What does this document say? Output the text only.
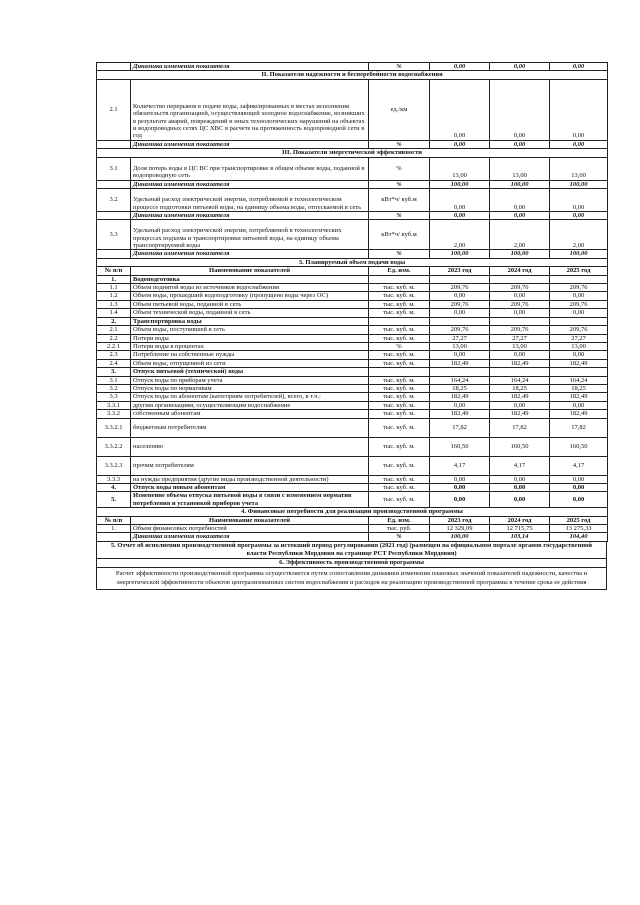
	Динамика изменения показателя	%	0,00	0,00	0,00
II. Показатели надежности и бесперебойности водоснабжения					
2.1	Количество перерывов в подаче воды, зафиксированных в местах исполнения обязательств организацией, осуществляющей холодное водоснабжение, возникших в результате аварий, повреждений и иных технологических нарушений на объектах и водопроводных сетях ЦС ХВС в расчете на протяженность водопроводной сети в год	ед./км	0,00	0,00	0,00
	Динамика изменения показателя	%	0,00	0,00	0,00
III. Показатели энергетической эффективности					
3.1	Доля потерь воды в ЦС ВС при транспортировке в общем объеме воды, поданной в водопроводную сеть	%	13,00	13,00	13,00
	Динамика изменения показателя	%	100,00	100,00	100,00
3.2	Удельный расход электрической энергии, потребляемой в технологическом процессе подготовки питьевой воды, на единицу объема воды, отпускаемой в сеть	кВт*ч/ куб.м	0,00	0,00	0,00
	Динамика изменения показателя	%	0,00	0,00	0,00
3.3	Удельный расход электрической энергии, потребляемой в технологических процессах подъема и транспортировки питьевой воды, на единицу объема транспортируемой воды	кВт*ч/ куб.м	2,00	2,00	2,00
	Динамика изменения показателя	%	100,00	100,00	100,00
3. Планируемый объем подачи воды					
№ п/п	Наименование показателей	Ед. изм.	2023 год	2024 год	2025 год
1.	Водоподготовка				
1.1	Объем поднятой воды из источников водоснабжения	тыс. куб. м.	209,76	209,76	209,76
1.2	Объем воды, прошедший водоподготовку (пропущено воды через ОС)	тыс. куб. м.	0,00	0,00	0,00
1.3	Объем питьевой воды, поданной в сеть	тыс. куб. м.	209,76	209,76	209,76
1.4	Объем технической воды, поданной в сеть	тыс. куб. м.	0,00	0,00	0,00
2.	Транспортировка воды				
2.1	Объем воды, поступившей в сеть	тыс. куб. м.	209,76	209,76	209,76
2.2	Потери воды	тыс. куб. м.	27,27	27,27	27,27
2.2.1	Потери воды в процентах	%	13,00	13,00	13,00
2.3	Потребление на собственные нужды	тыс. куб. м.	0,00	0,00	0,00
2.4	Объем воды, отпущенной из сети	тыс. куб. м.	182,49	182,49	182,49
3.	Отпуск питьевой (технической) воды				
3.1	Отпуск воды по приборам учета	тыс. куб. м.	164,24	164,24	164,24
3.2	Отпуск воды по нормативам	тыс. куб. м.	18,25	18,25	18,25
3.3	Отпуск воды по абонентам (категориям потребителей), всего, в т.ч.:	тыс. куб. м.	182,49	182,49	182,49
3.3.1	другим организациям, осуществляющим водоснабжение	тыс. куб. м.	0,00	0,00	0,00
3.3.2	собственным абонентам	тыс. куб. м.	182,49	182,49	182,49
3.3.2.1	бюджетным потребителям	тыс. куб. м.	17,82	17,82	17,82
3.3.2.2	населению	тыс. куб. м.	160,50	160,50	160,50
3.3.2.3	прочим потребителям	тыс. куб. м.	4,17	4,17	4,17
3.3.3	на нужды предприятия (другие виды производственной деятельности)	тыс. куб. м.	0,00	0,00	0,00
4.	Отпуск воды новым абонентам	тыс. куб. м.	0,00	0,00	0,00
5.	Изменение объема отпуска питьевой воды в связи с изменением норматив потребления и установкой приборов учета	тыс. куб. м.	0,00	0,00	0,00
4. Финансовые потребности для реализации производственной программы					
№ п/п	Наименование показателей	Ед. изм.	2023 год	2024 год	2025 год
1.	Объем финансовых потребностей	тыс. руб.	12 329,09	12 715,75	13 275,33
	Динамика изменения показателя	%	100,00	103,14	104,40
5. Отчет об исполнении производственной программы за истекший период регулирования (2021 год) (размещен на официальном портале органов государственной власти Республики Мордовия на странице РСТ Республики Мордовия)
6. Эффективность производственной программы
Расчет эффективности производственной программы осуществляется путем сопоставления динамики изменения плановых значений показателей надежности, качества и энергетической эффективности объектов централизованных систем водоснабжения и расходов на реализацию производственной программы в течение срока ее действия
